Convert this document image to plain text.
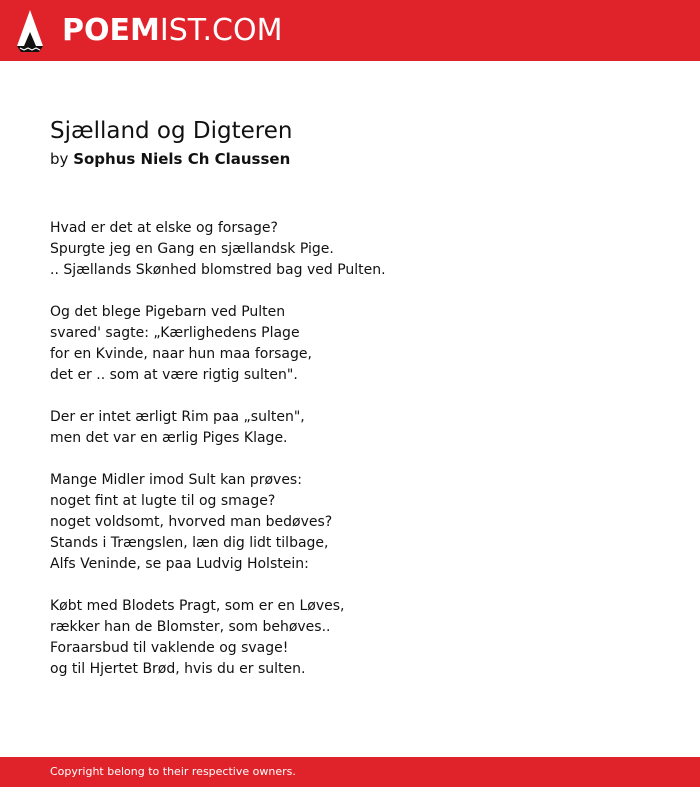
POEMIST.COM
Sjælland og Digteren
by Sophus Niels Ch Claussen
Hvad er det at elske og forsage?
Spurgte jeg en Gang en sjællandsk Pige.
.. Sjællands Skønhed blomstred bag ved Pulten.
Og det blege Pigebarn ved Pulten
svared' sagte: „Kærlighedens Plage
for en Kvinde, naar hun maa forsage,
det er .. som at være rigtig sulten".
Der er intet ærligt Rim paa „sulten",
men det var en ærlig Piges Klage.
Mange Midler imod Sult kan prøves:
noget fint at lugte til og smage?
noget voldsomt, hvorved man bedøves?
Stands i Trængslen, læn dig lidt tilbage,
Alfs Veninde, se paa Ludvig Holstein:
Købt med Blodets Pragt, som er en Løves,
rækker han de Blomster, som behøves..
Foraarsbud til vaklende og svage!
og til Hjertet Brød, hvis du er sulten.
Copyright belong to their respective owners.
